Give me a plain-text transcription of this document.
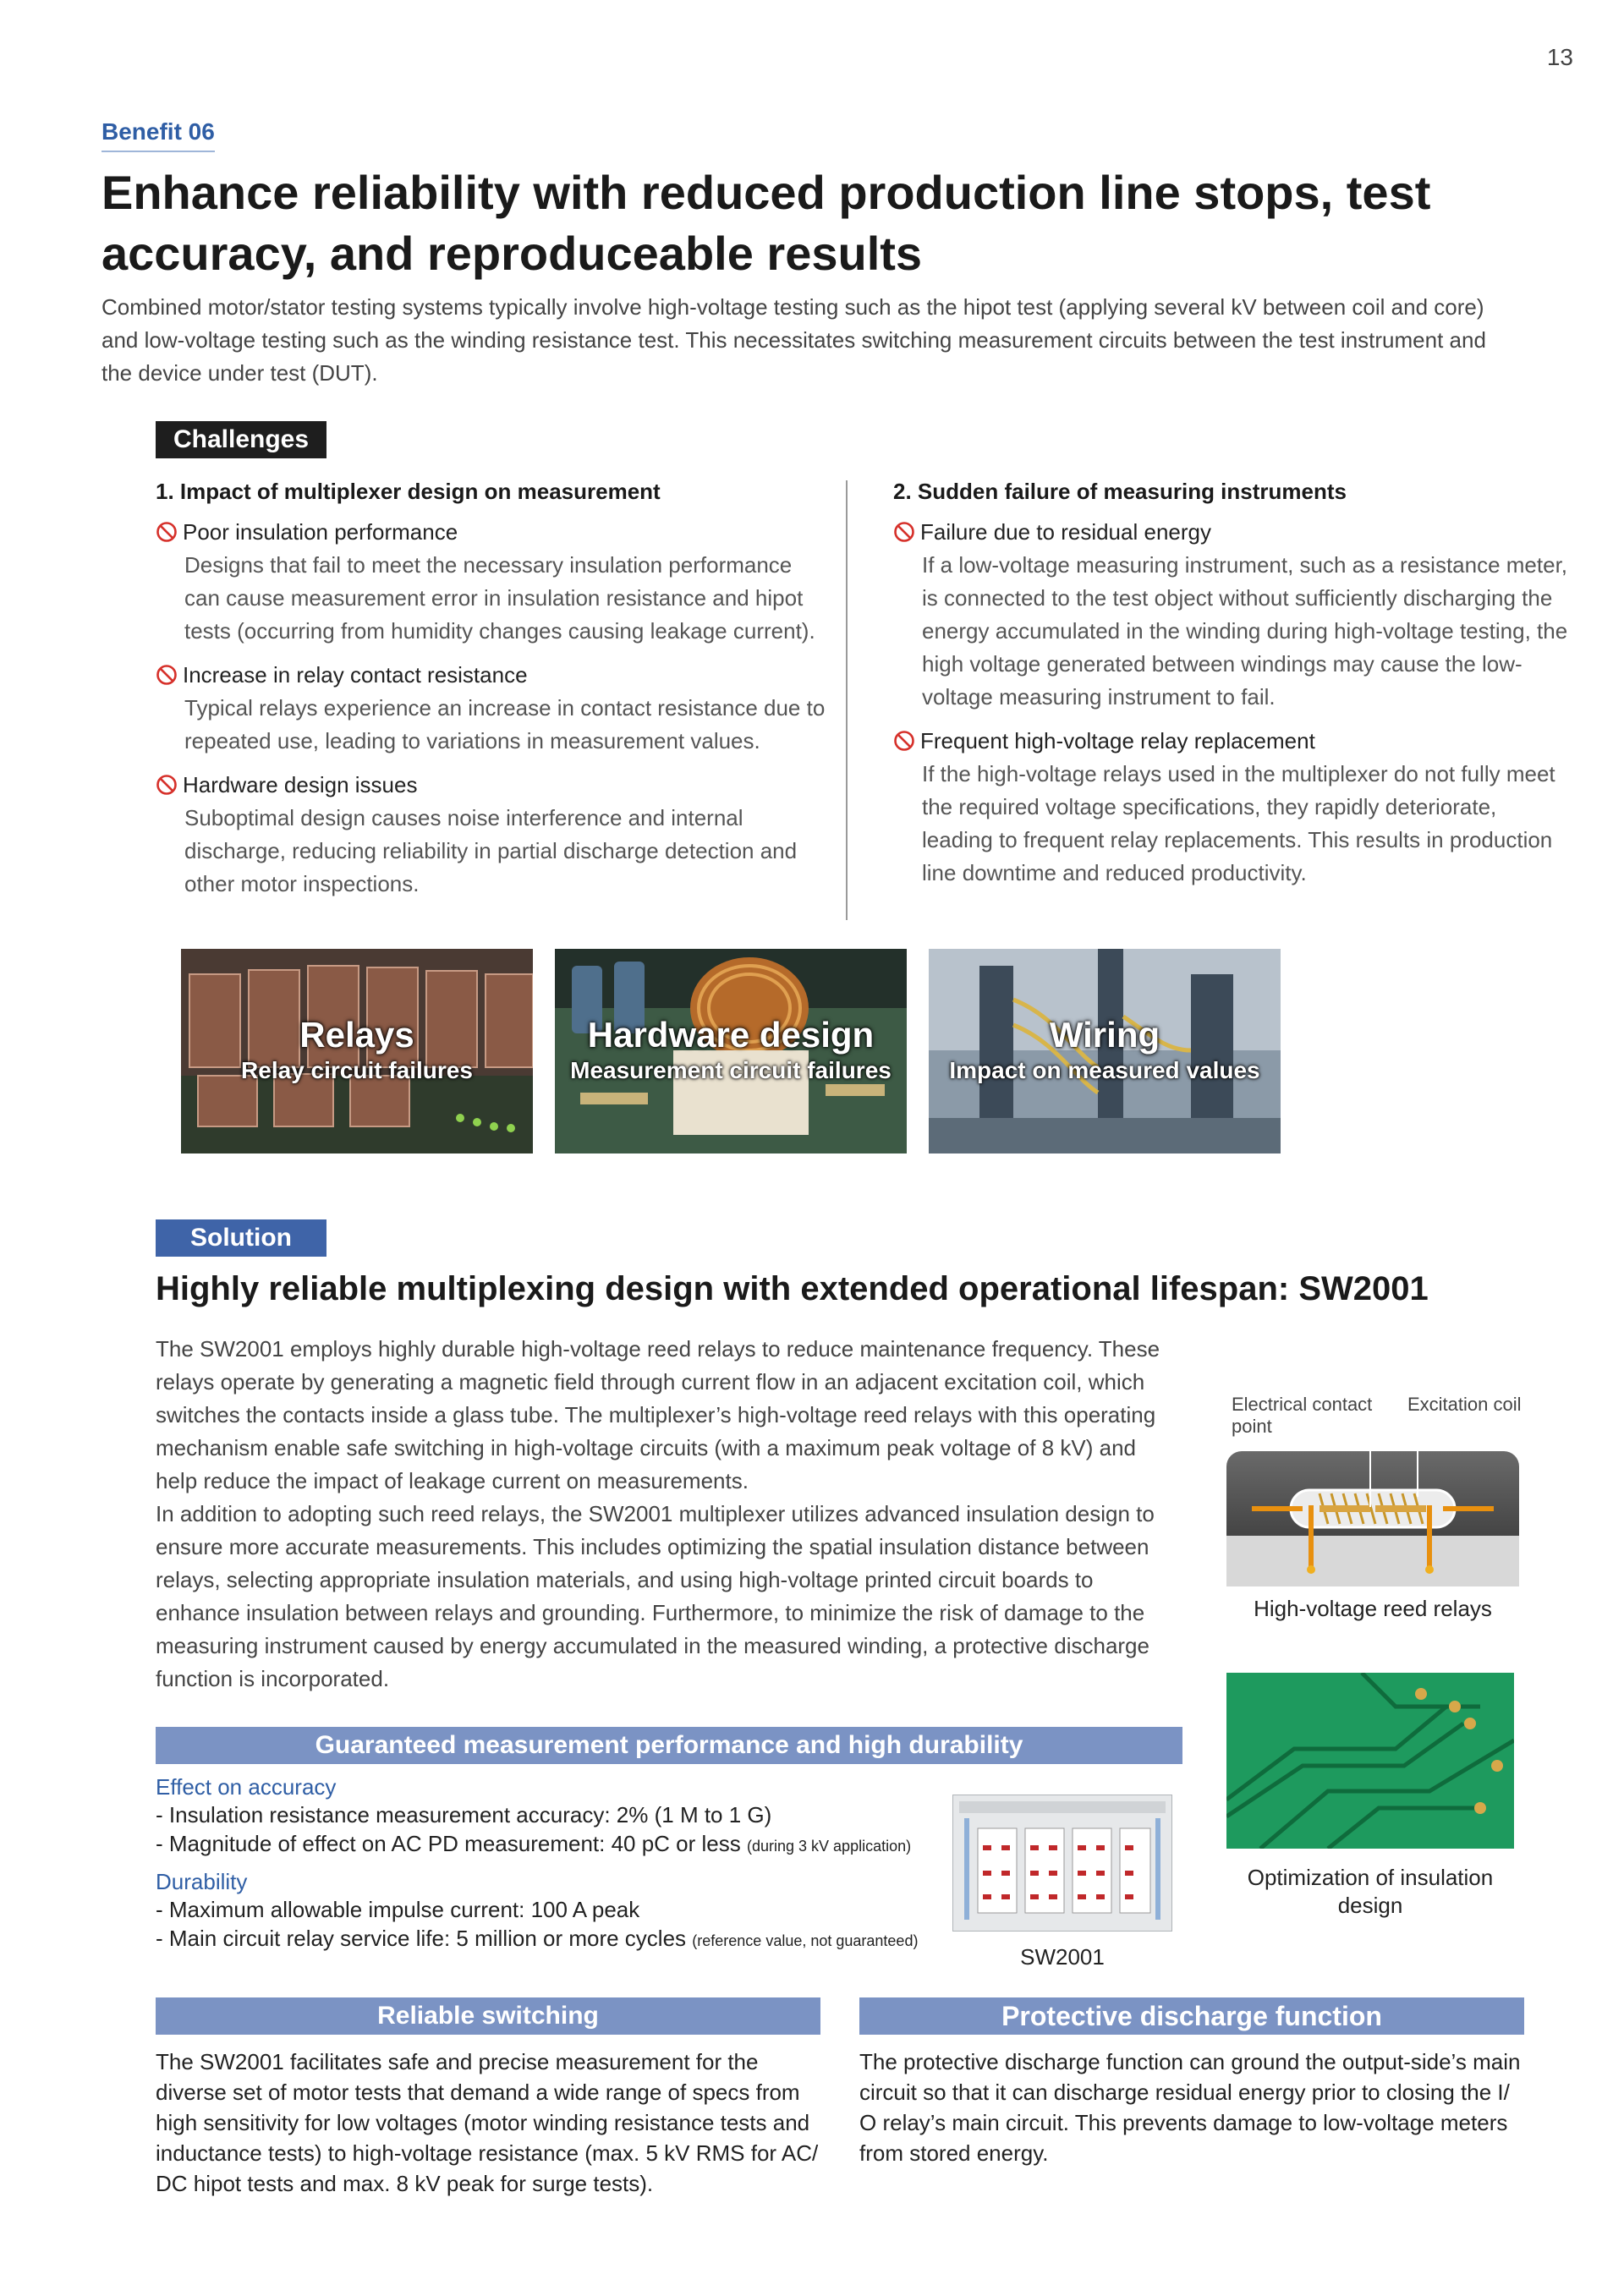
13
Benefit 06
Enhance reliability with reduced production line stops, test
accuracy, and reproduceable results

Combined motor/stator testing systems typically involve high-voltage testing such as the hipot test (applying several kV between coil and core) and low-voltage testing such as the winding resistance test. This necessitates switching measurement circuits between the test instrument and the device under test (DUT).

Challenges
1. Impact of multiplexer design on measurement
Poor insulation performance
Designs that fail to meet the necessary insulation performance can cause measurement error in insulation resistance and hipot tests (occurring from humidity changes causing leakage current).
Increase in relay contact resistance
Typical relays experience an increase in contact resistance due to repeated use, leading to variations in measurement values.
Hardware design issues
Suboptimal design causes noise interference and internal discharge, reducing reliability in partial discharge detection and other motor inspections.
2. Sudden failure of measuring instruments
Failure due to residual energy
If a low-voltage measuring instrument, such as a resistance meter, is connected to the test object without sufficiently discharging the energy accumulated in the winding during high-voltage testing, the high voltage generated between windings may cause the low-voltage measuring instrument to fail.
Frequent high-voltage relay replacement
If the high-voltage relays used in the multiplexer do not fully meet the required voltage specifications, they rapidly deteriorate, leading to frequent relay replacements. This results in production line downtime and reduced productivity.
Relays
Relay circuit failures
Hardware design
Measurement circuit failures
Wiring
Impact on measured values
Solution
Highly reliable multiplexing design with extended operational lifespan: SW2001

The SW2001 employs highly durable high-voltage reed relays to reduce maintenance frequency. These relays operate by generating a magnetic field through current flow in an adjacent excitation coil, which switches the contacts inside a glass tube. The multiplexer’s high-voltage reed relays with this operating mechanism enable safe switching in high-voltage circuits (with a maximum peak voltage of 8 kV) and help reduce the impact of leakage current on measurements.

In addition to adopting such reed relays, the SW2001 multiplexer utilizes advanced insulation design to ensure more accurate measurements. This includes optimizing the spatial insulation distance between relays, selecting appropriate insulation materials, and using high-voltage printed circuit boards to enhance insulation between relays and grounding. Furthermore, to minimize the risk of damage to the measuring instrument caused by energy accumulated in the measured winding, a protective discharge function is incorporated.

Electrical contact point
Excitation coil
High-voltage reed relays
Optimization of insulation design
Guaranteed measurement performance and high durability
Effect on accuracy
- Insulation resistance measurement accuracy: 2% (1 M to 1 G)
- Magnitude of effect on AC PD measurement: 40 pC or less (during 3 kV application)
Durability
- Maximum allowable impulse current: 100 A peak
- Main circuit relay service life: 5 million or more cycles (reference value, not guaranteed)
SW2001
Reliable switching

The SW2001 facilitates safe and precise measurement for the diverse set of motor tests that demand a wide range of specs from high sensitivity for low voltages (motor winding resistance tests and inductance tests) to high-voltage resistance (max. 5 kV RMS for AC/ DC hipot tests and max. 8 kV peak for surge tests).

Protective discharge function

The protective discharge function can ground the output-side’s main circuit so that it can discharge residual energy prior to closing the I/ O relay’s main circuit. This prevents damage to low-voltage meters from stored energy.
